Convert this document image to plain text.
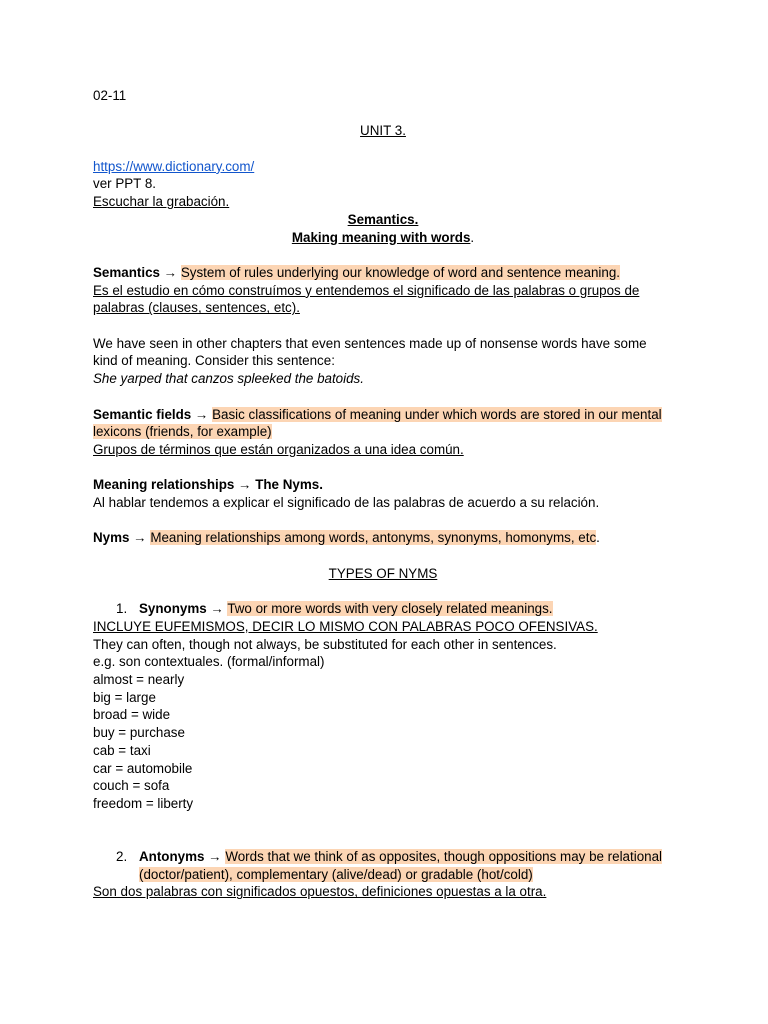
02-11
UNIT 3.
https://www.dictionary.com/
ver PPT 8.
Escuchar la grabación.
Semantics.
Making meaning with words.
Semantics → System of rules underlying our knowledge of word and sentence meaning.
Es el estudio en cómo construímos y entendemos el significado de las palabras o grupos de palabras (clauses, sentences, etc).
We have seen in other chapters that even sentences made up of nonsense words have some kind of meaning. Consider this sentence:
She yarped that canzos spleeked the batoids.
Semantic fields → Basic classifications of meaning under which words are stored in our mental lexicons (friends, for example)
Grupos de términos que están organizados a una idea común.
Meaning relationships → The Nyms.
Al hablar tendemos a explicar el significado de las palabras de acuerdo a su relación.
Nyms → Meaning relationships among words, antonyms, synonyms, homonyms, etc.
TYPES OF NYMS
1. Synonyms → Two or more words with very closely related meanings.
INCLUYE EUFEMISMOS, DECIR LO MISMO CON PALABRAS POCO OFENSIVAS.
They can often, though not always, be substituted for each other in sentences.
e.g. son contextuales. (formal/informal)
almost = nearly
big = large
broad = wide
buy = purchase
cab = taxi
car = automobile
couch = sofa
freedom = liberty
2. Antonyms → Words that we think of as opposites, though oppositions may be relational (doctor/patient), complementary (alive/dead) or gradable (hot/cold)
Son dos palabras con significados opuestos, definiciones opuestas a la otra.
